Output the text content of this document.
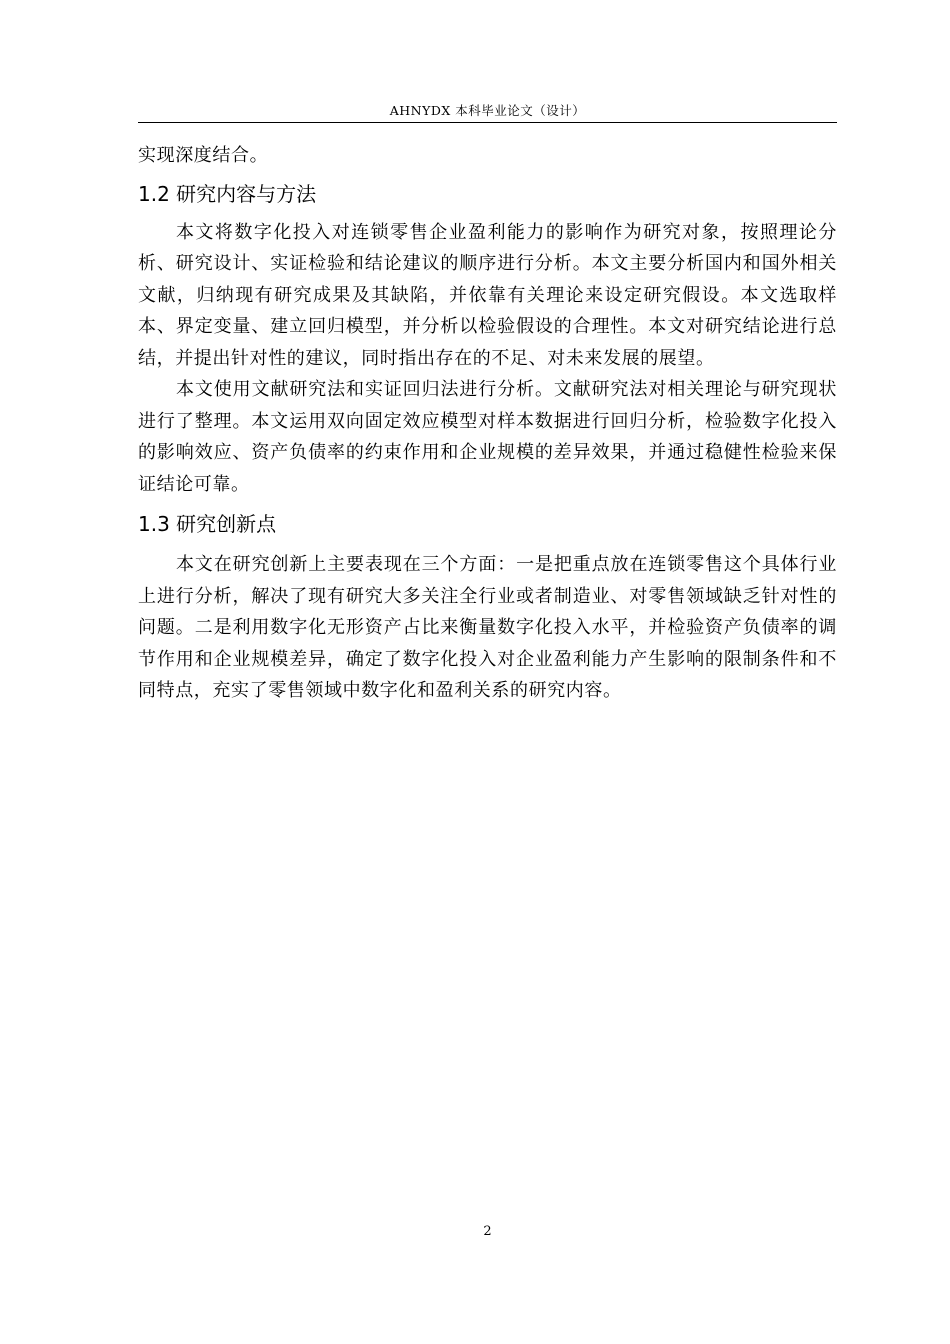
AHNYDX 本科毕业论文（设计）

实现深度结合。

1.2 研究内容与方法

本文将数字化投入对连锁零售企业盈利能力的影响作为研究对象，按照理论分析、研究设计、实证检验和结论建议的顺序进行分析。本文主要分析国内和国外相关文献，归纳现有研究成果及其缺陷，并依靠有关理论来设定研究假设。本文选取样本、界定变量、建立回归模型，并分析以检验假设的合理性。本文对研究结论进行总结，并提出针对性的建议，同时指出存在的不足、对未来发展的展望。

本文使用文献研究法和实证回归法进行分析。文献研究法对相关理论与研究现状进行了整理。本文运用双向固定效应模型对样本数据进行回归分析，检验数字化投入的影响效应、资产负债率的约束作用和企业规模的差异效果，并通过稳健性检验来保证结论可靠。

1.3 研究创新点

本文在研究创新上主要表现在三个方面：一是把重点放在连锁零售这个具体行业上进行分析，解决了现有研究大多关注全行业或者制造业、对零售领域缺乏针对性的问题。二是利用数字化无形资产占比来衡量数字化投入水平，并检验资产负债率的调节作用和企业规模差异，确定了数字化投入对企业盈利能力产生影响的限制条件和不同特点，充实了零售领域中数字化和盈利关系的研究内容。

2
